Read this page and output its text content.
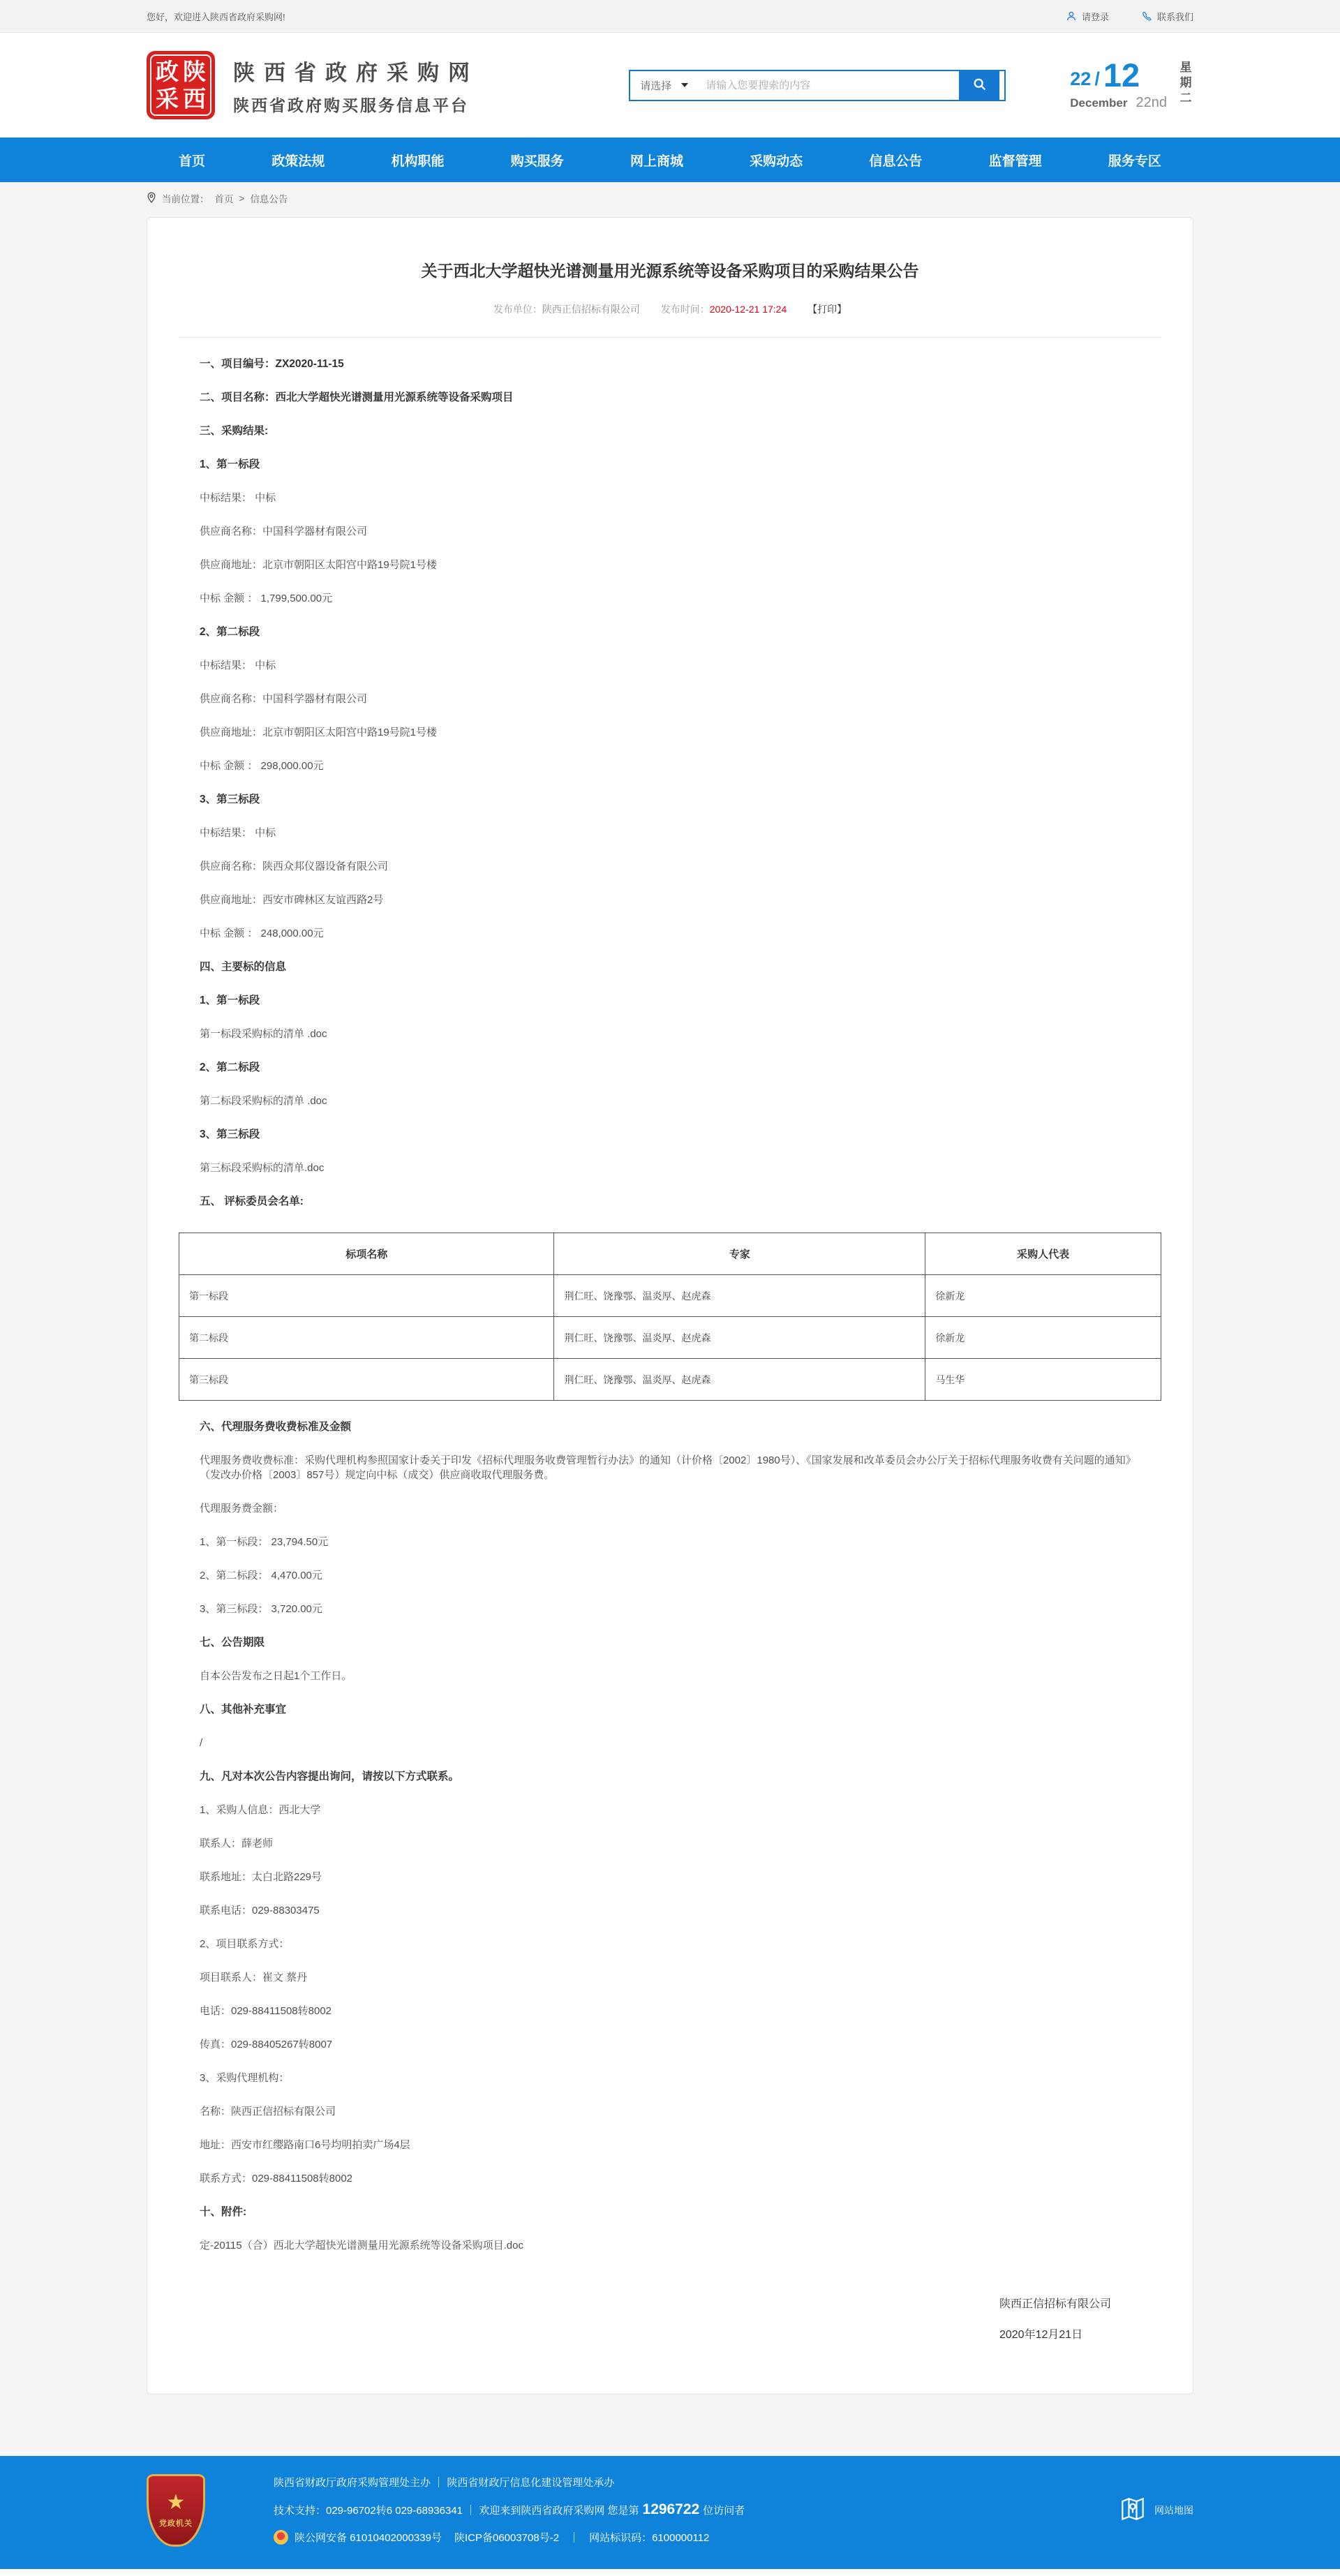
您好，欢迎进入陕西省政府采购网!	请登录	联系我们
政 陕
采 西
陕西省政府采购网
陕西省政府购买服务信息平台
请选择
请输入您要搜索的内容	22 / 12
December 22nd
星期二
首页	政策法规	机构职能	购买服务	网上商城	采购动态	信息公告	监督管理	服务专区
当前位置： 首页 > 信息公告
关于西北大学超快光谱测量用光源系统等设备采购项目的采购结果公告
发布单位：陕西正信招标有限公司 发布时间：2020-12-21 17:24 【打印】
一、项目编号：ZX2020-11-15
二、项目名称：西北大学超快光谱测量用光源系统等设备采购项目
三、采购结果:
1、第一标段
中标结果： 中标
供应商名称：中国科学器材有限公司
供应商地址：北京市朝阳区太阳宫中路19号院1号楼
中标 金额 ： 1,799,500.00元
2、第二标段
中标结果： 中标
供应商名称：中国科学器材有限公司
供应商地址：北京市朝阳区太阳宫中路19号院1号楼
中标 金额 ： 298,000.00元
3、第三标段
中标结果： 中标
供应商名称：陕西众邦仪器设备有限公司
供应商地址：西安市碑林区友谊西路2号
中标 金额 ： 248,000.00元
四、主要标的信息
1、第一标段
第一标段采购标的清单 .doc
2、第二标段
第二标段采购标的清单 .doc
3、第三标段
第三标段采购标的清单.doc
五、 评标委员会名单:
标项名称	专家	采购人代表
第一标段	荆仁旺、饶豫鄂、温炎厚、赵虎森	徐新龙
第二标段	荆仁旺、饶豫鄂、温炎厚、赵虎森	徐新龙
第三标段	荆仁旺、饶豫鄂、温炎厚、赵虎森	马生华
六、代理服务费收费标准及金额
代理服务费收费标准：采购代理机构参照国家计委关于印发《招标代理服务收费管理暂行办法》的通知（计价格〔2002〕1980号）、《国家发展和改革委员会办公厅关于招标代理服务收费有关问题的通知》（发改办价格〔2003〕857号）规定向中标（成交）供应商收取代理服务费。
代理服务费金额：
1、第一标段： 23,794.50元
2、第二标段： 4,470.00元
3、第三标段： 3,720.00元
七、公告期限
自本公告发布之日起1个工作日。
八、其他补充事宜
/
九、凡对本次公告内容提出询问，请按以下方式联系。
1、采购人信息：西北大学
联系人：薛老师
联系地址：太白北路229号
联系电话：029-88303475
2、项目联系方式：
项目联系人：崔文 蔡丹
电话：029-88411508转8002
传真：029-88405267转8007
3、采购代理机构：
名称：陕西正信招标有限公司
地址：西安市红缨路南口6号均明拍卖广场4层
联系方式：029-88411508转8002
十、附件:
定-20115（合）西北大学超快光谱测量用光源系统等设备采购项目.doc
陕西正信招标有限公司
2020年12月21日
★
党政机关
陕西省财政厅政府采购管理处主办 ｜ 陕西省财政厅信息化建设管理处承办
技术支持：029-96702转6 029-68936341 ｜ 欢迎来到陕西省政府采购网 您是第 1296722 位访问者
陕公网安备 61010402000339号 陕ICP备06003708号-2 ｜ 网站标识码：6100000112
网站地图
